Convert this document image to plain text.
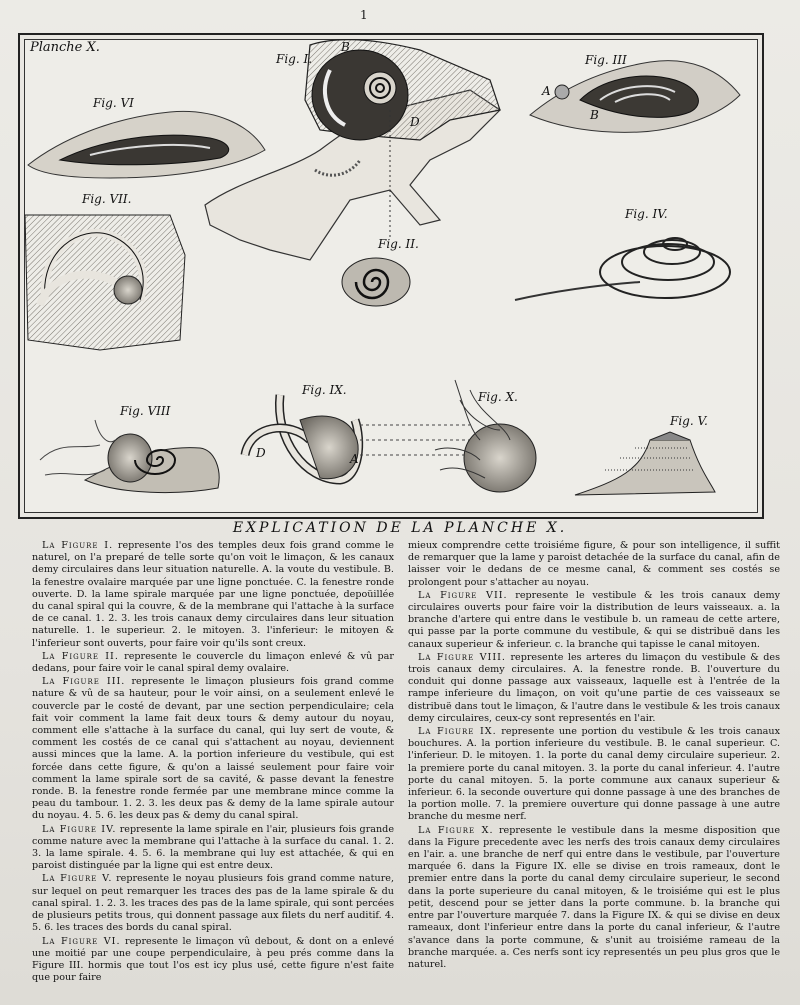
1
Planche X.
Fig. I.
Fig. II.
Fig. III
Fig. IV.
Fig. V.
Fig. VI
Fig. VII.
Fig. VIII
Fig. IX.	Fig. X.
B
D
A
B
A
D
EXPLICATION DE LA PLANCHE X.

La Figure I. represente l'os des temples deux fois grand comme le naturel, on l'a preparé de telle sorte qu'on voit le limaçon, & les canaux demy circulaires dans leur situation naturelle. A. la voute du vestibule. B. la fenestre ovalaire marquée par une ligne ponctuée. C. la fenestre ronde ouverte. D. la lame spirale marquée par une ligne ponctuée, depoüillée du canal spiral qui la couvre, & de la membrane qui l'attache à la surface de ce canal. 1. 2. 3. les trois canaux demy circulaires dans leur situation naturelle. 1. le superieur. 2. le mitoyen. 3. l'inferieur: le mitoyen & l'inferieur sont ouverts, pour faire voir qu'ils sont creux.

La Figure II. represente le couvercle du limaçon enlevé & vû par dedans, pour faire voir le canal spiral demy ovalaire.

La Figure III. represente le limaçon plusieurs fois grand comme nature & vû de sa hauteur, pour le voir ainsi, on a seulement enlevé le couvercle par le costé de devant, par une section perpendiculaire; cela fait voir comment la lame fait deux tours & demy autour du noyau, comment elle s'attache à la surface du canal, qui luy sert de voute, & comment les costés de ce canal qui s'attachent au noyau, deviennent aussi minces que la lame. A. la portion inferieure du vestibule, qui est forcée dans cette figure, & qu'on a laissé seulement pour faire voir comment la lame spirale sort de sa cavité, & passe devant la fenestre ronde. B. la fenestre ronde fermée par une membrane mince comme la peau du tambour. 1. 2. 3. les deux pas & demy de la lame spirale autour du noyau. 4. 5. 6. les deux pas & demy du canal spiral.

La Figure IV. represente la lame spirale en l'air, plusieurs fois grande comme nature avec la membrane qui l'attache à la surface du canal. 1. 2. 3. la lame spirale. 4. 5. 6. la membrane qui luy est attachée, & qui en paroist distinguée par la ligne qui est entre deux.

La Figure V. represente le noyau plusieurs fois grand comme nature, sur lequel on peut remarquer les traces des pas de la lame spirale & du canal spiral. 1. 2. 3. les traces des pas de la lame spirale, qui sont percées de plusieurs petits trous, qui donnent passage aux filets du nerf auditif. 4. 5. 6. les traces des bords du canal spiral.

La Figure VI. represente le limaçon vû debout, & dont on a enlevé une moitié par une coupe perpendiculaire, à peu prés comme dans la Figure III. hormis que tout l'os est icy plus usé, cette figure n'est faite que pour faire

mieux comprendre cette troisiéme figure, & pour son intelligence, il suffit de remarquer que la lame y paroist detachée de la surface du canal, afin de laisser voir le dedans de ce mesme canal, & comment ses costés se prolongent pour s'attacher au noyau.

La Figure VII. represente le vestibule & les trois canaux demy circulaires ouverts pour faire voir la distribution de leurs vaisseaux. a. la branche d'artere qui entre dans le vestibule b. un rameau de cette artere, qui passe par la porte commune du vestibule, & qui se distribuë dans les canaux superieur & inferieur. c. la branche qui tapisse le canal mitoyen.

La Figure VIII. represente les arteres du limaçon du vestibule & des trois canaux demy circulaires. A. la fenestre ronde. B. l'ouverture du conduit qui donne passage aux vaisseaux, laquelle est à l'entrée de la rampe inferieure du limaçon, on voit qu'une partie de ces vaisseaux se distribuë dans tout le limaçon, & l'autre dans le vestibule & les trois canaux demy circulaires, ceux-cy sont representés en l'air.

La Figure IX. represente une portion du vestibule & les trois canaux bouchures. A. la portion inferieure du vestibule. B. le canal superieur. C. l'inferieur. D. le mitoyen. 1. la porte du canal demy circulaire superieur. 2. la premiere porte du canal mitoyen. 3. la porte du canal inferieur. 4. l'autre porte du canal mitoyen. 5. la porte commune aux canaux superieur & inferieur. 6. la seconde ouverture qui donne passage à une des branches de la portion molle. 7. la premiere ouverture qui donne passage à une autre branche du mesme nerf.

La Figure X. represente le vestibule dans la mesme disposition que dans la Figure precedente avec les nerfs des trois canaux demy circulaires en l'air. a. une branche de nerf qui entre dans le vestibule, par l'ouverture marquée 6. dans la Figure IX. elle se divise en trois rameaux, dont le premier entre dans la porte du canal demy circulaire superieur, le second dans la porte superieure du canal mitoyen, & le troisiéme qui est le plus petit, descend pour se jetter dans la porte commune. b. la branche qui entre par l'ouverture marquée 7. dans la Figure IX. & qui se divise en deux rameaux, dont l'inferieur entre dans la porte du canal inferieur, & l'autre s'avance dans la porte commune, & s'unit au troisiéme rameau de la branche marquée. a. Ces nerfs sont icy representés un peu plus gros que le naturel.
